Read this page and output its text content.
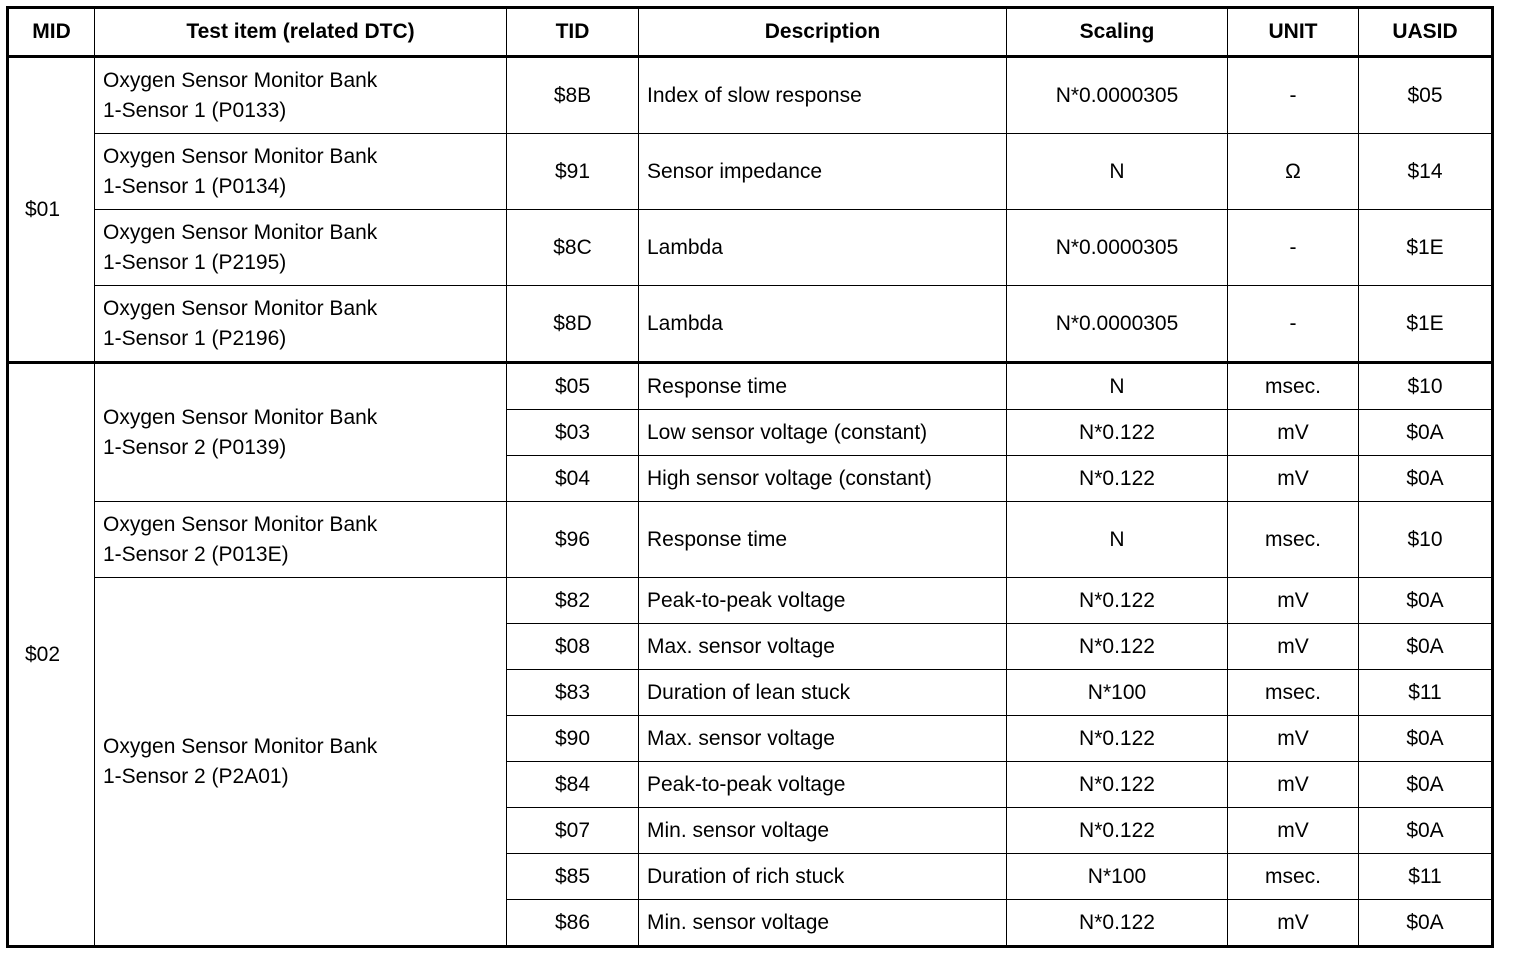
MID	Test item (related DTC)	TID	Description	Scaling	UNIT	UASID
$01	Oxygen Sensor Monitor Bank
1-Sensor 1 (P0133)	$8B	Index of slow response	N*0.0000305	-	$05
	Oxygen Sensor Monitor Bank
1-Sensor 1 (P0134)	$91	Sensor impedance	N	Ω	$14
	Oxygen Sensor Monitor Bank
1-Sensor 1 (P2195)	$8C	Lambda	N*0.0000305	-	$1E
	Oxygen Sensor Monitor Bank
1-Sensor 1 (P2196)	$8D	Lambda	N*0.0000305	-	$1E
$02	Oxygen Sensor Monitor Bank
1-Sensor 2 (P0139)	$05	Response time	N	msec.	$10
		$03	Low sensor voltage (constant)	N*0.122	mV	$0A
		$04	High sensor voltage (constant)	N*0.122	mV	$0A
	Oxygen Sensor Monitor Bank
1-Sensor 2 (P013E)	$96	Response time	N	msec.	$10
	Oxygen Sensor Monitor Bank
1-Sensor 2 (P2A01)	$82	Peak-to-peak voltage	N*0.122	mV	$0A
		$08	Max. sensor voltage	N*0.122	mV	$0A
		$83	Duration of lean stuck	N*100	msec.	$11
		$90	Max. sensor voltage	N*0.122	mV	$0A
		$84	Peak-to-peak voltage	N*0.122	mV	$0A
		$07	Min. sensor voltage	N*0.122	mV	$0A
		$85	Duration of rich stuck	N*100	msec.	$11
		$86	Min. sensor voltage	N*0.122	mV	$0A
